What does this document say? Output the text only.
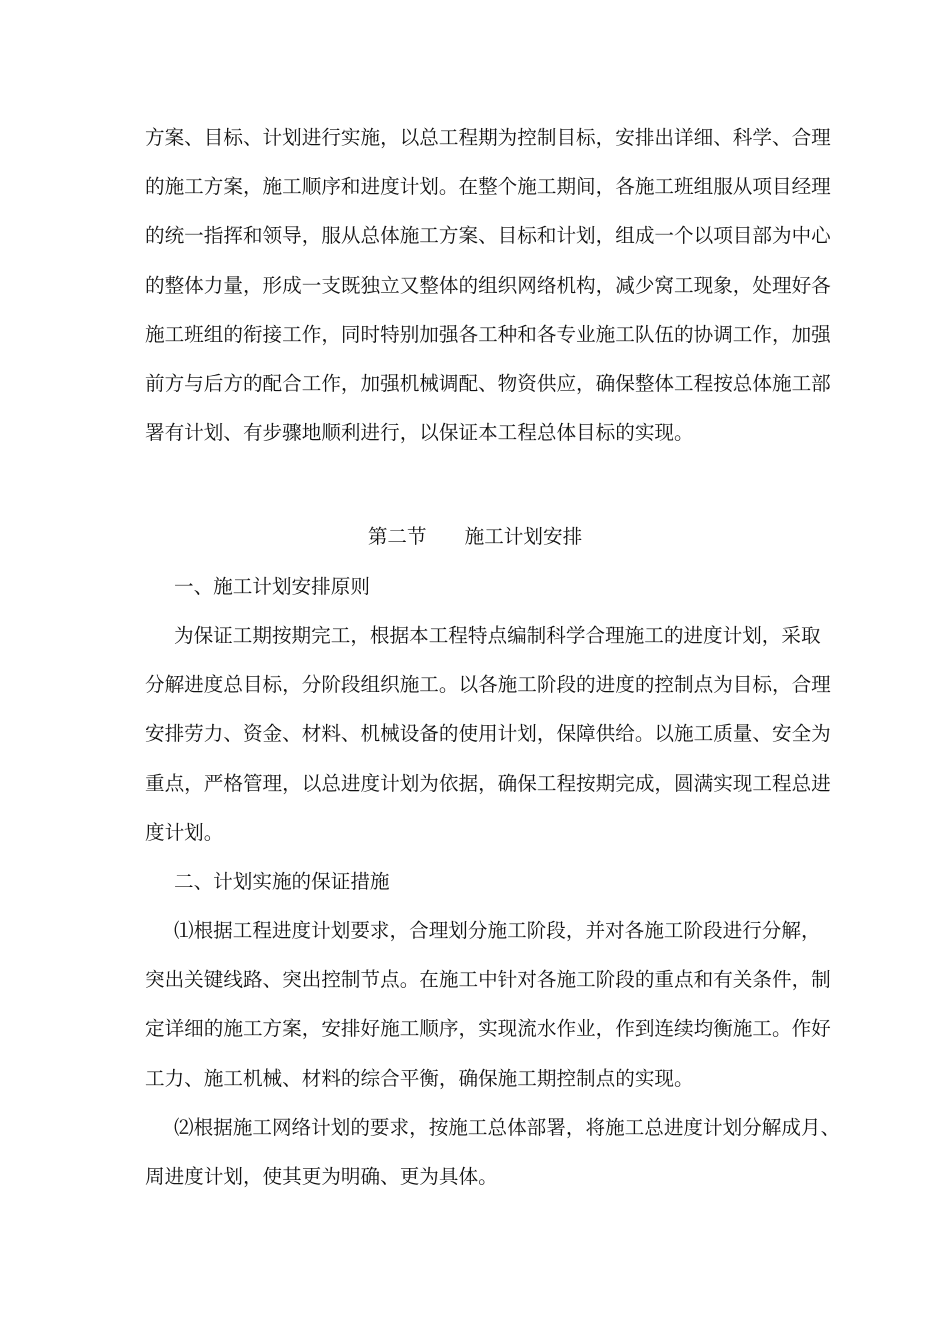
方案、目标、计划进行实施，以总工程期为控制目标，安排出详细、科学、合理
的施工方案，施工顺序和进度计划。在整个施工期间，各施工班组服从项目经理
的统一指挥和领导，服从总体施工方案、目标和计划，组成一个以项目部为中心
的整体力量，形成一支既独立又整体的组织网络机构，减少窝工现象，处理好各
施工班组的衔接工作，同时特别加强各工种和各专业施工队伍的协调工作，加强
前方与后方的配合工作，加强机械调配、物资供应，确保整体工程按总体施工部
署有计划、有步骤地顺利进行，以保证本工程总体目标的实现。
第二节 施工计划安排
一、施工计划安排原则
为保证工期按期完工，根据本工程特点编制科学合理施工的进度计划，采取
分解进度总目标，分阶段组织施工。以各施工阶段的进度的控制点为目标，合理
安排劳力、资金、材料、机械设备的使用计划，保障供给。以施工质量、安全为
重点，严格管理，以总进度计划为依据，确保工程按期完成，圆满实现工程总进
度计划。
二、计划实施的保证措施
⑴根据工程进度计划要求，合理划分施工阶段，并对各施工阶段进行分解，
突出关键线路、突出控制节点。在施工中针对各施工阶段的重点和有关条件，制
定详细的施工方案，安排好施工顺序，实现流水作业，作到连续均衡施工。作好
工力、施工机械、材料的综合平衡，确保施工期控制点的实现。
⑵根据施工网络计划的要求，按施工总体部署，将施工总进度计划分解成月、
周进度计划，使其更为明确、更为具体。
